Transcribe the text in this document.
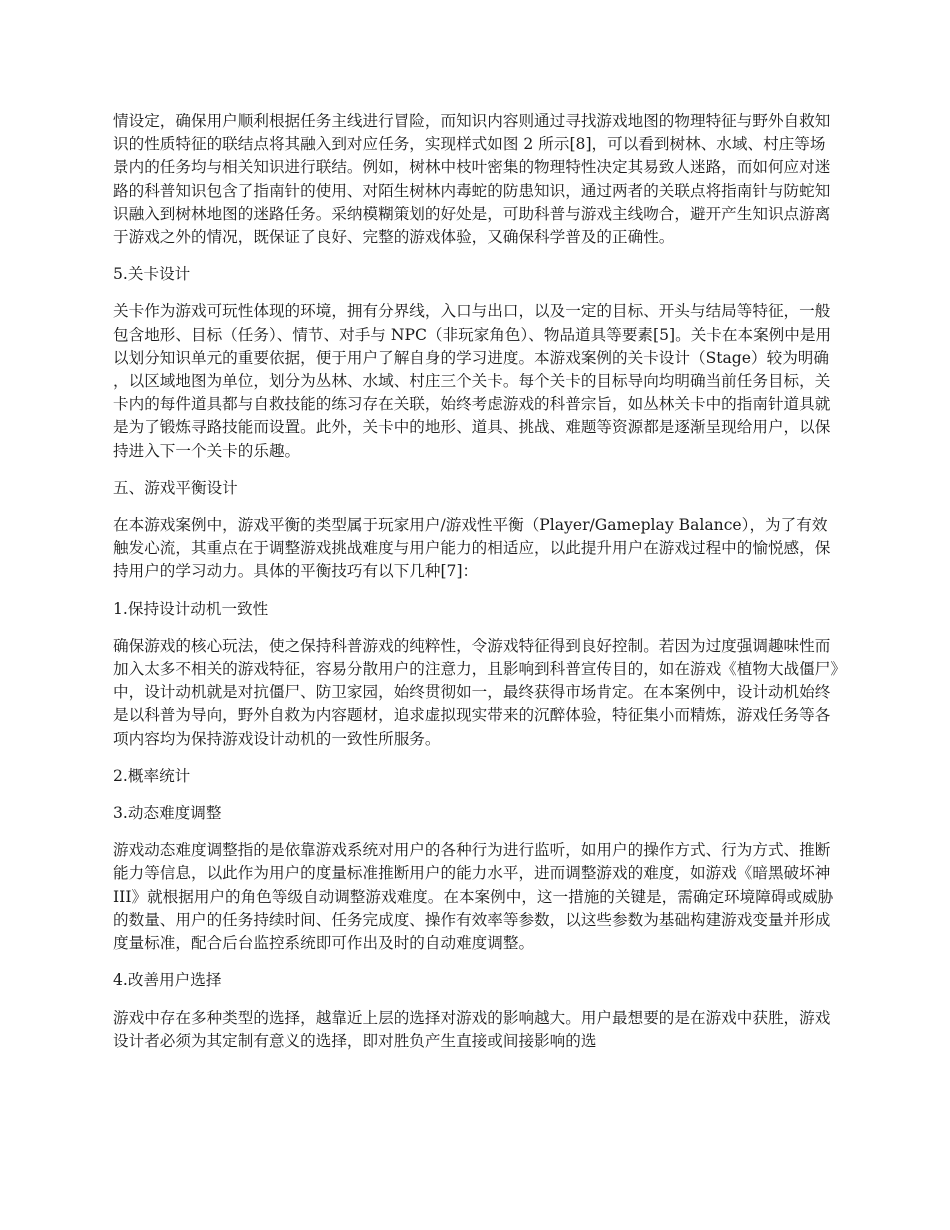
情设定，确保用户顺利根据任务主线进行冒险，而知识内容则通过寻找游戏地图的物理特征与野外自救知识的性质特征的联结点将其融入到对应任务，实现样式如图 2 所示[8]，可以看到树林、水域、村庄等场景内的任务均与相关知识进行联结。例如，树林中枝叶密集的物理特性决定其易致人迷路，而如何应对迷路的科普知识包含了指南针的使用、对陌生树林内毒蛇的防患知识，通过两者的关联点将指南针与防蛇知识融入到树林地图的迷路任务。采纳模糊策划的好处是，可助科普与游戏主线吻合，避开产生知识点游离于游戏之外的情况，既保证了良好、完整的游戏体验，又确保科学普及的正确性。

5.关卡设计

关卡作为游戏可玩性体现的环境，拥有分界线，入口与出口，以及一定的目标、开头与结局等特征，一般包含地形、目标（任务）、情节、对手与 NPC（非玩家角色）、物品道具等要素[5]。关卡在本案例中是用以划分知识单元的重要依据，便于用户了解自身的学习进度。本游戏案例的关卡设计（Stage）较为明确，以区域地图为单位，划分为丛林、水域、村庄三个关卡。每个关卡的目标导向均明确当前任务目标，关卡内的每件道具都与自救技能的练习存在关联，始终考虑游戏的科普宗旨，如丛林关卡中的指南针道具就是为了锻炼寻路技能而设置。此外，关卡中的地形、道具、挑战、难题等资源都是逐渐呈现给用户，以保持进入下一个关卡的乐趣。

五、游戏平衡设计

在本游戏案例中，游戏平衡的类型属于玩家用户/游戏性平衡（Player/Gameplay Balance），为了有效触发心流，其重点在于调整游戏挑战难度与用户能力的相适应，以此提升用户在游戏过程中的愉悦感，保持用户的学习动力。具体的平衡技巧有以下几种[7]：

1.保持设计动机一致性

确保游戏的核心玩法，使之保持科普游戏的纯粹性，令游戏特征得到良好控制。若因为过度强调趣味性而加入太多不相关的游戏特征，容易分散用户的注意力，且影响到科普宣传目的，如在游戏《植物大战僵尸》中，设计动机就是对抗僵尸、防卫家园，始终贯彻如一，最终获得市场肯定。在本案例中，设计动机始终是以科普为导向，野外自救为内容题材，追求虚拟现实带来的沉醉体验，特征集小而精炼，游戏任务等各项内容均为保持游戏设计动机的一致性所服务。

2.概率统计

3.动态难度调整

游戏动态难度调整指的是依靠游戏系统对用户的各种行为进行监听，如用户的操作方式、行为方式、推断能力等信息，以此作为用户的度量标准推断用户的能力水平，进而调整游戏的难度，如游戏《暗黑破坏神 III》就根据用户的角色等级自动调整游戏难度。在本案例中，这一措施的关键是，需确定环境障碍或威胁的数量、用户的任务持续时间、任务完成度、操作有效率等参数，以这些参数为基础构建游戏变量并形成度量标准，配合后台监控系统即可作出及时的自动难度调整。

4.改善用户选择

游戏中存在多种类型的选择，越靠近上层的选择对游戏的影响越大。用户最想要的是在游戏中获胜，游戏设计者必须为其定制有意义的选择，即对胜负产生直接或间接影响的选
